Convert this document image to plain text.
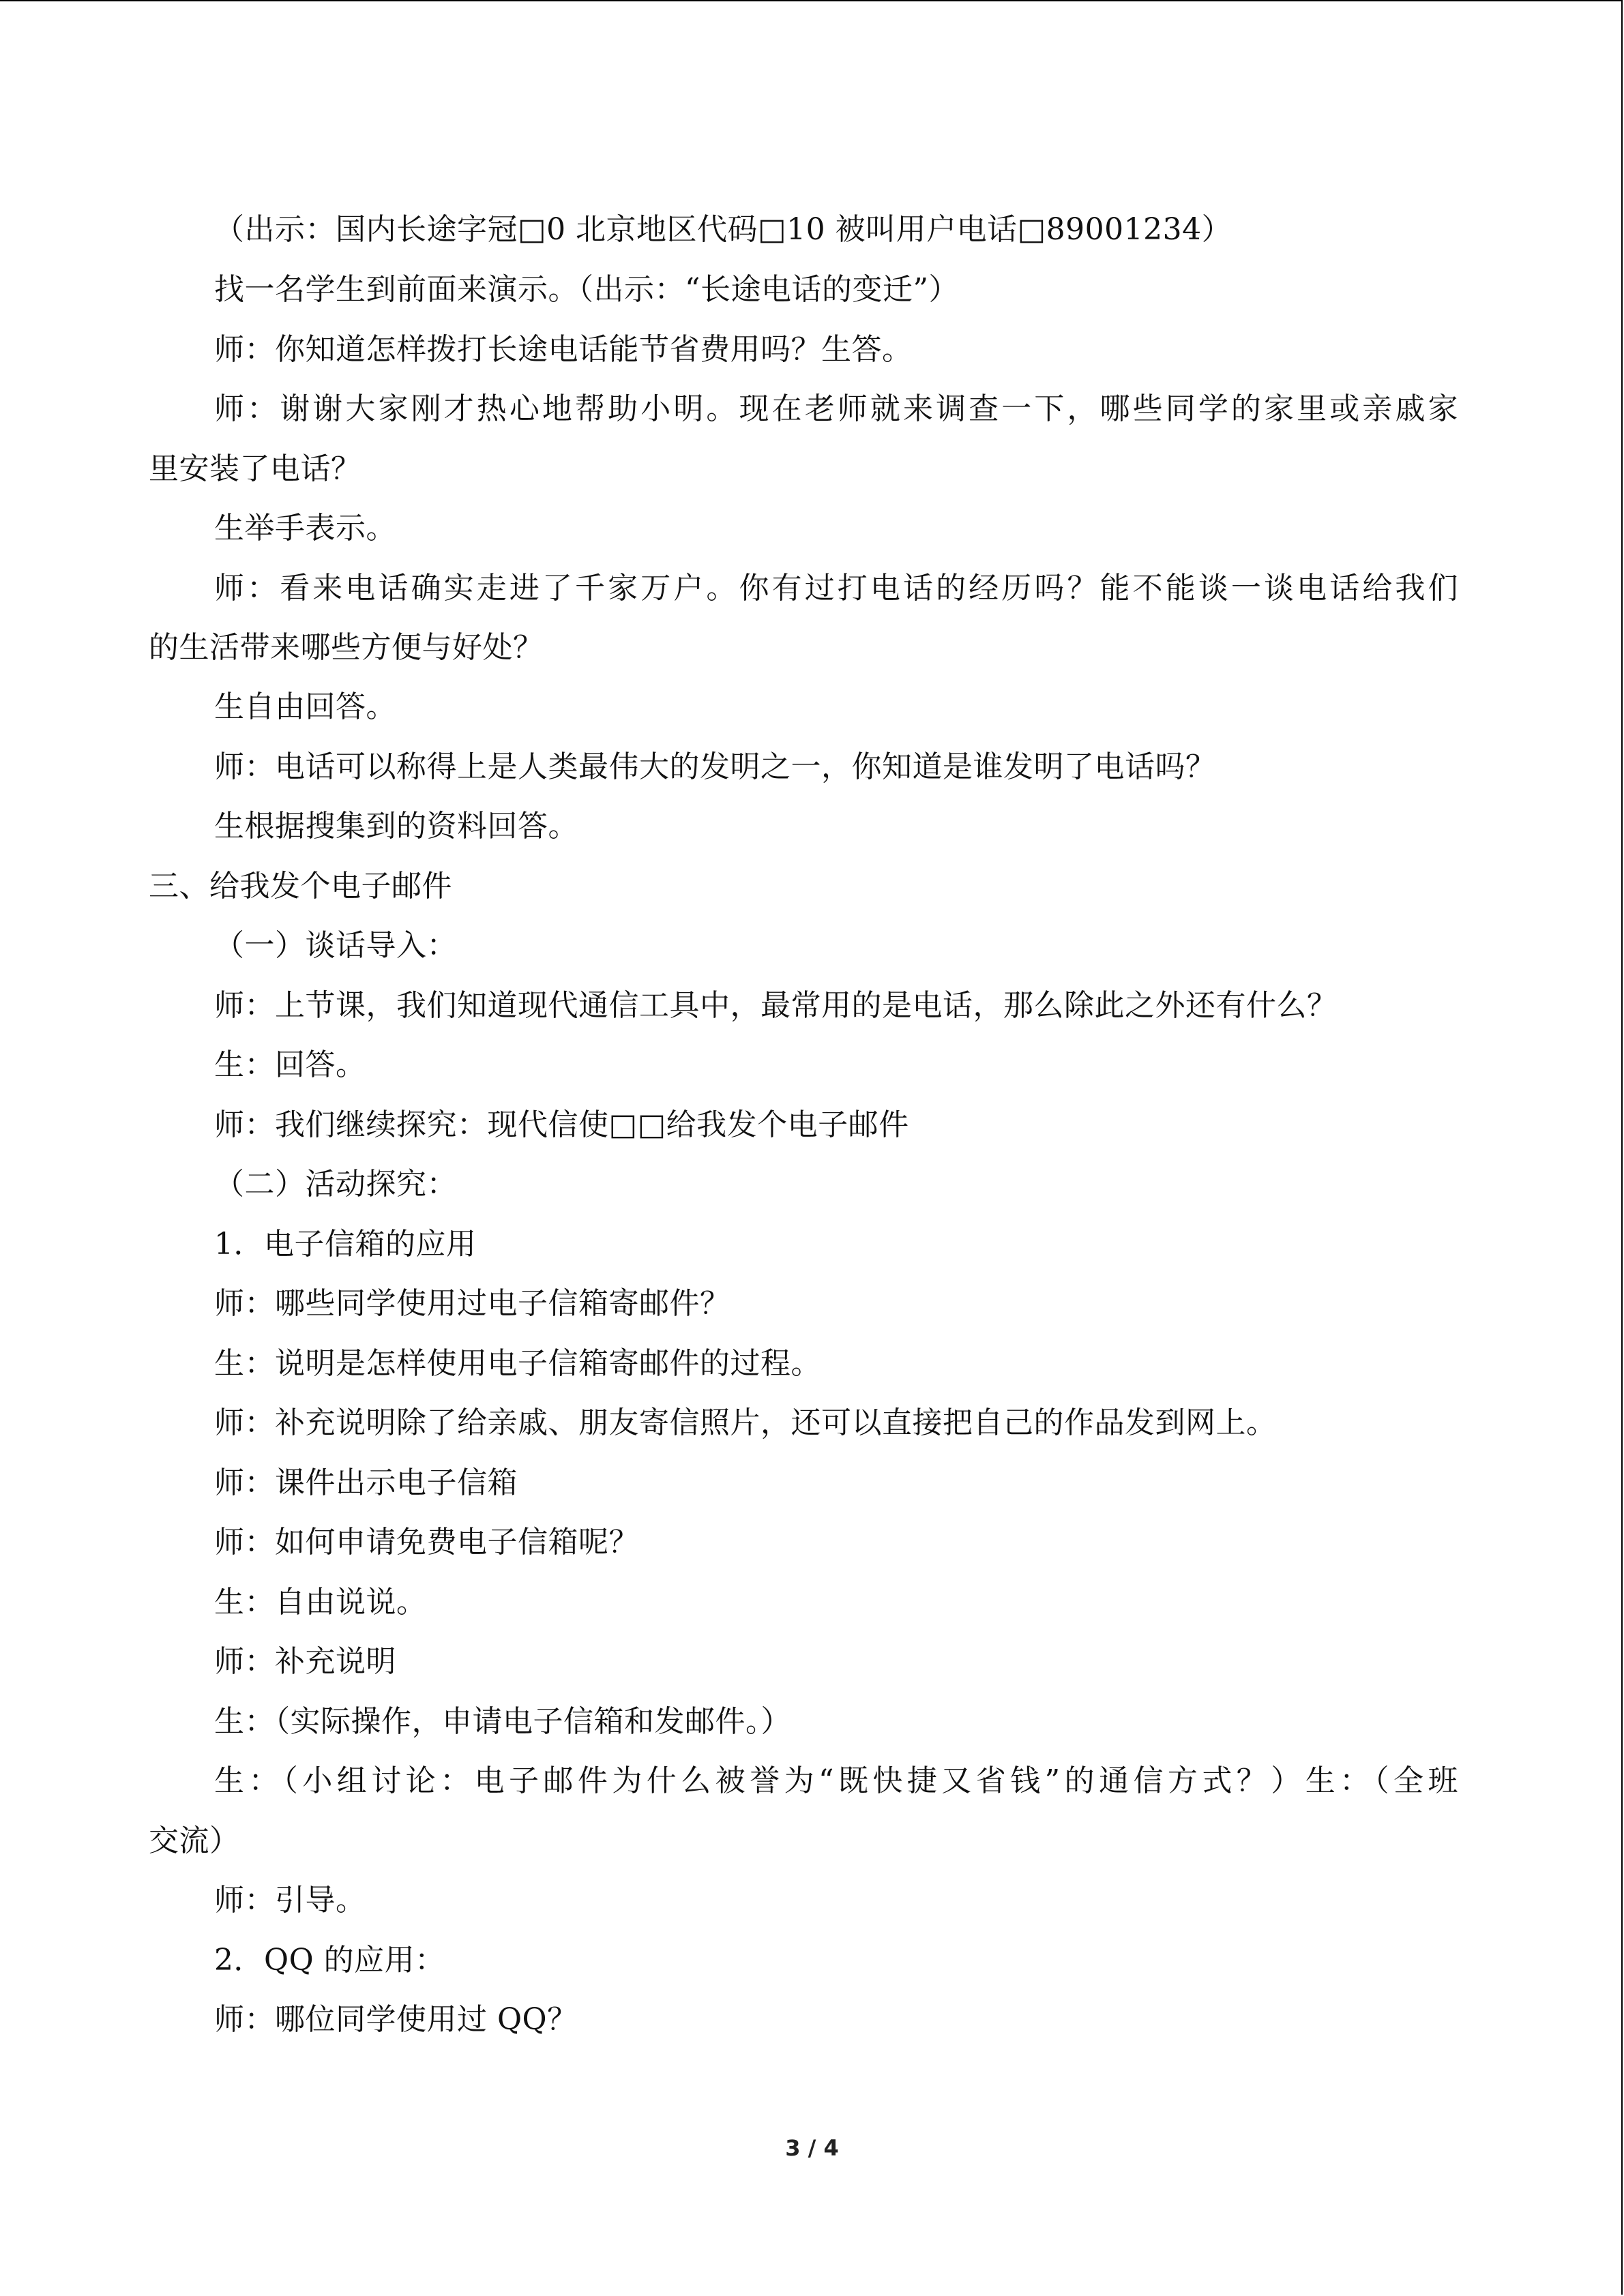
（出示：国内长途字冠□0 北京地区代码□10 被叫用户电话□89001234）
找一名学生到前面来演示。（出示：“长途电话的变迁”）
师：你知道怎样拨打长途电话能节省费用吗？生答。
师：谢谢大家刚才热心地帮助小明。现在老师就来调查一下，哪些同学的家里或亲戚家
里安装了电话？
生举手表示。
师：看来电话确实走进了千家万户。你有过打电话的经历吗？能不能谈一谈电话给我们
的生活带来哪些方便与好处？
生自由回答。
师：电话可以称得上是人类最伟大的发明之一，你知道是谁发明了电话吗？
生根据搜集到的资料回答。
三、给我发个电子邮件
（一）谈话导入：
师：上节课，我们知道现代通信工具中，最常用的是电话，那么除此之外还有什么？
生：回答。
师：我们继续探究：现代信使□□给我发个电子邮件
（二）活动探究：
1．电子信箱的应用
师：哪些同学使用过电子信箱寄邮件？
生：说明是怎样使用电子信箱寄邮件的过程。
师：补充说明除了给亲戚、朋友寄信照片，还可以直接把自己的作品发到网上。
师：课件出示电子信箱
师：如何申请免费电子信箱呢？
生：自由说说。
师：补充说明
生：（实际操作，申请电子信箱和发邮件。）
生：（小组讨论：电子邮件为什么被誉为“既快捷又省钱”的通信方式？）生：（全班
交流）
师：引导。
2．QQ 的应用：
师：哪位同学使用过 QQ？
3 / 4
